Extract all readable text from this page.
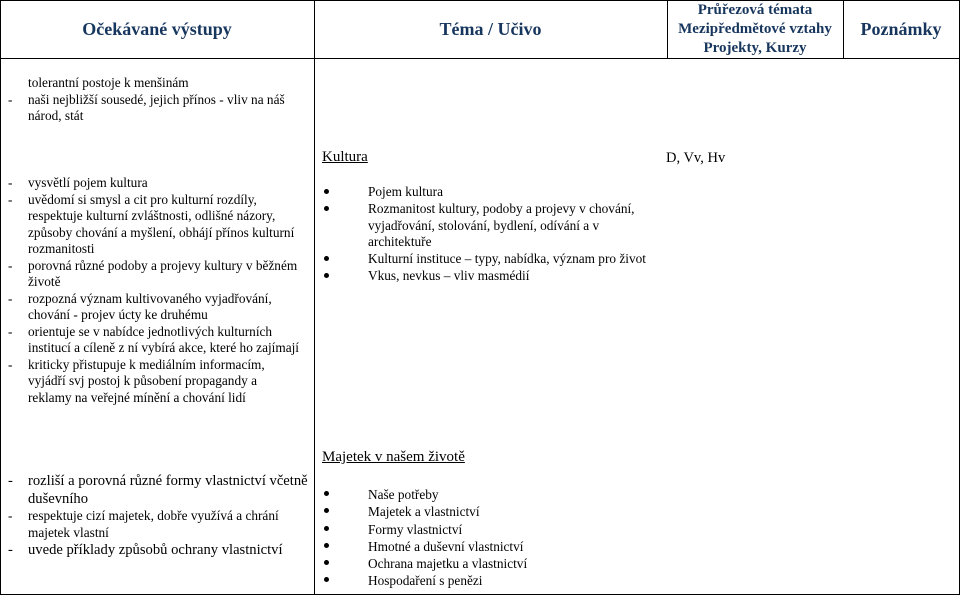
Očekávané výstupy	Téma / Učivo
Průřezová témata
Mezipředmětové vztahy
Projekty, Kurzy
Poznámky
tolerantní postoje k menšinám
- naši nejbližší sousedé, jejich přínos - vliv na náš národ, stát
Kultura	D, Vv, Hv
- vysvětlí pojem kultura
- uvědomí si smysl a cit pro kulturní rozdíly, respektuje kulturní zvláštnosti, odlišné názory, způsoby chování a myšlení, obhájí přínos kulturní rozmanitosti
- porovná různé podoby a projevy kultury v běžném životě
- rozpozná význam kultivovaného vyjadřování, chování - projev úcty ke druhému
- orientuje se v nabídce jednotlivých kulturních institucí a cíleně z ní vybírá akce, které ho zajímají
- kriticky přistupuje k mediálním informacím, vyjádří svj postoj k působení propagandy a reklamy na veřejné mínění a chování lidí
Pojem kultura
Rozmanitost kultury, podoby a projevy v chování, vyjadřování, stolování, bydlení, odívání a v architektuře
Kulturní instituce – typy, nabídka, význam pro život
Vkus, nevkus – vliv masmédií
Majetek v našem životě
- rozliší a porovná různé formy vlastnictví včetně duševního
- respektuje cizí majetek, dobře využívá a chrání majetek vlastní
- uvede příklady způsobů ochrany vlastnictví
Naše potřeby
Majetek a vlastnictví
Formy vlastnictví
Hmotné a duševní vlastnictví
Ochrana majetku a vlastnictví
Hospodaření s penězi
